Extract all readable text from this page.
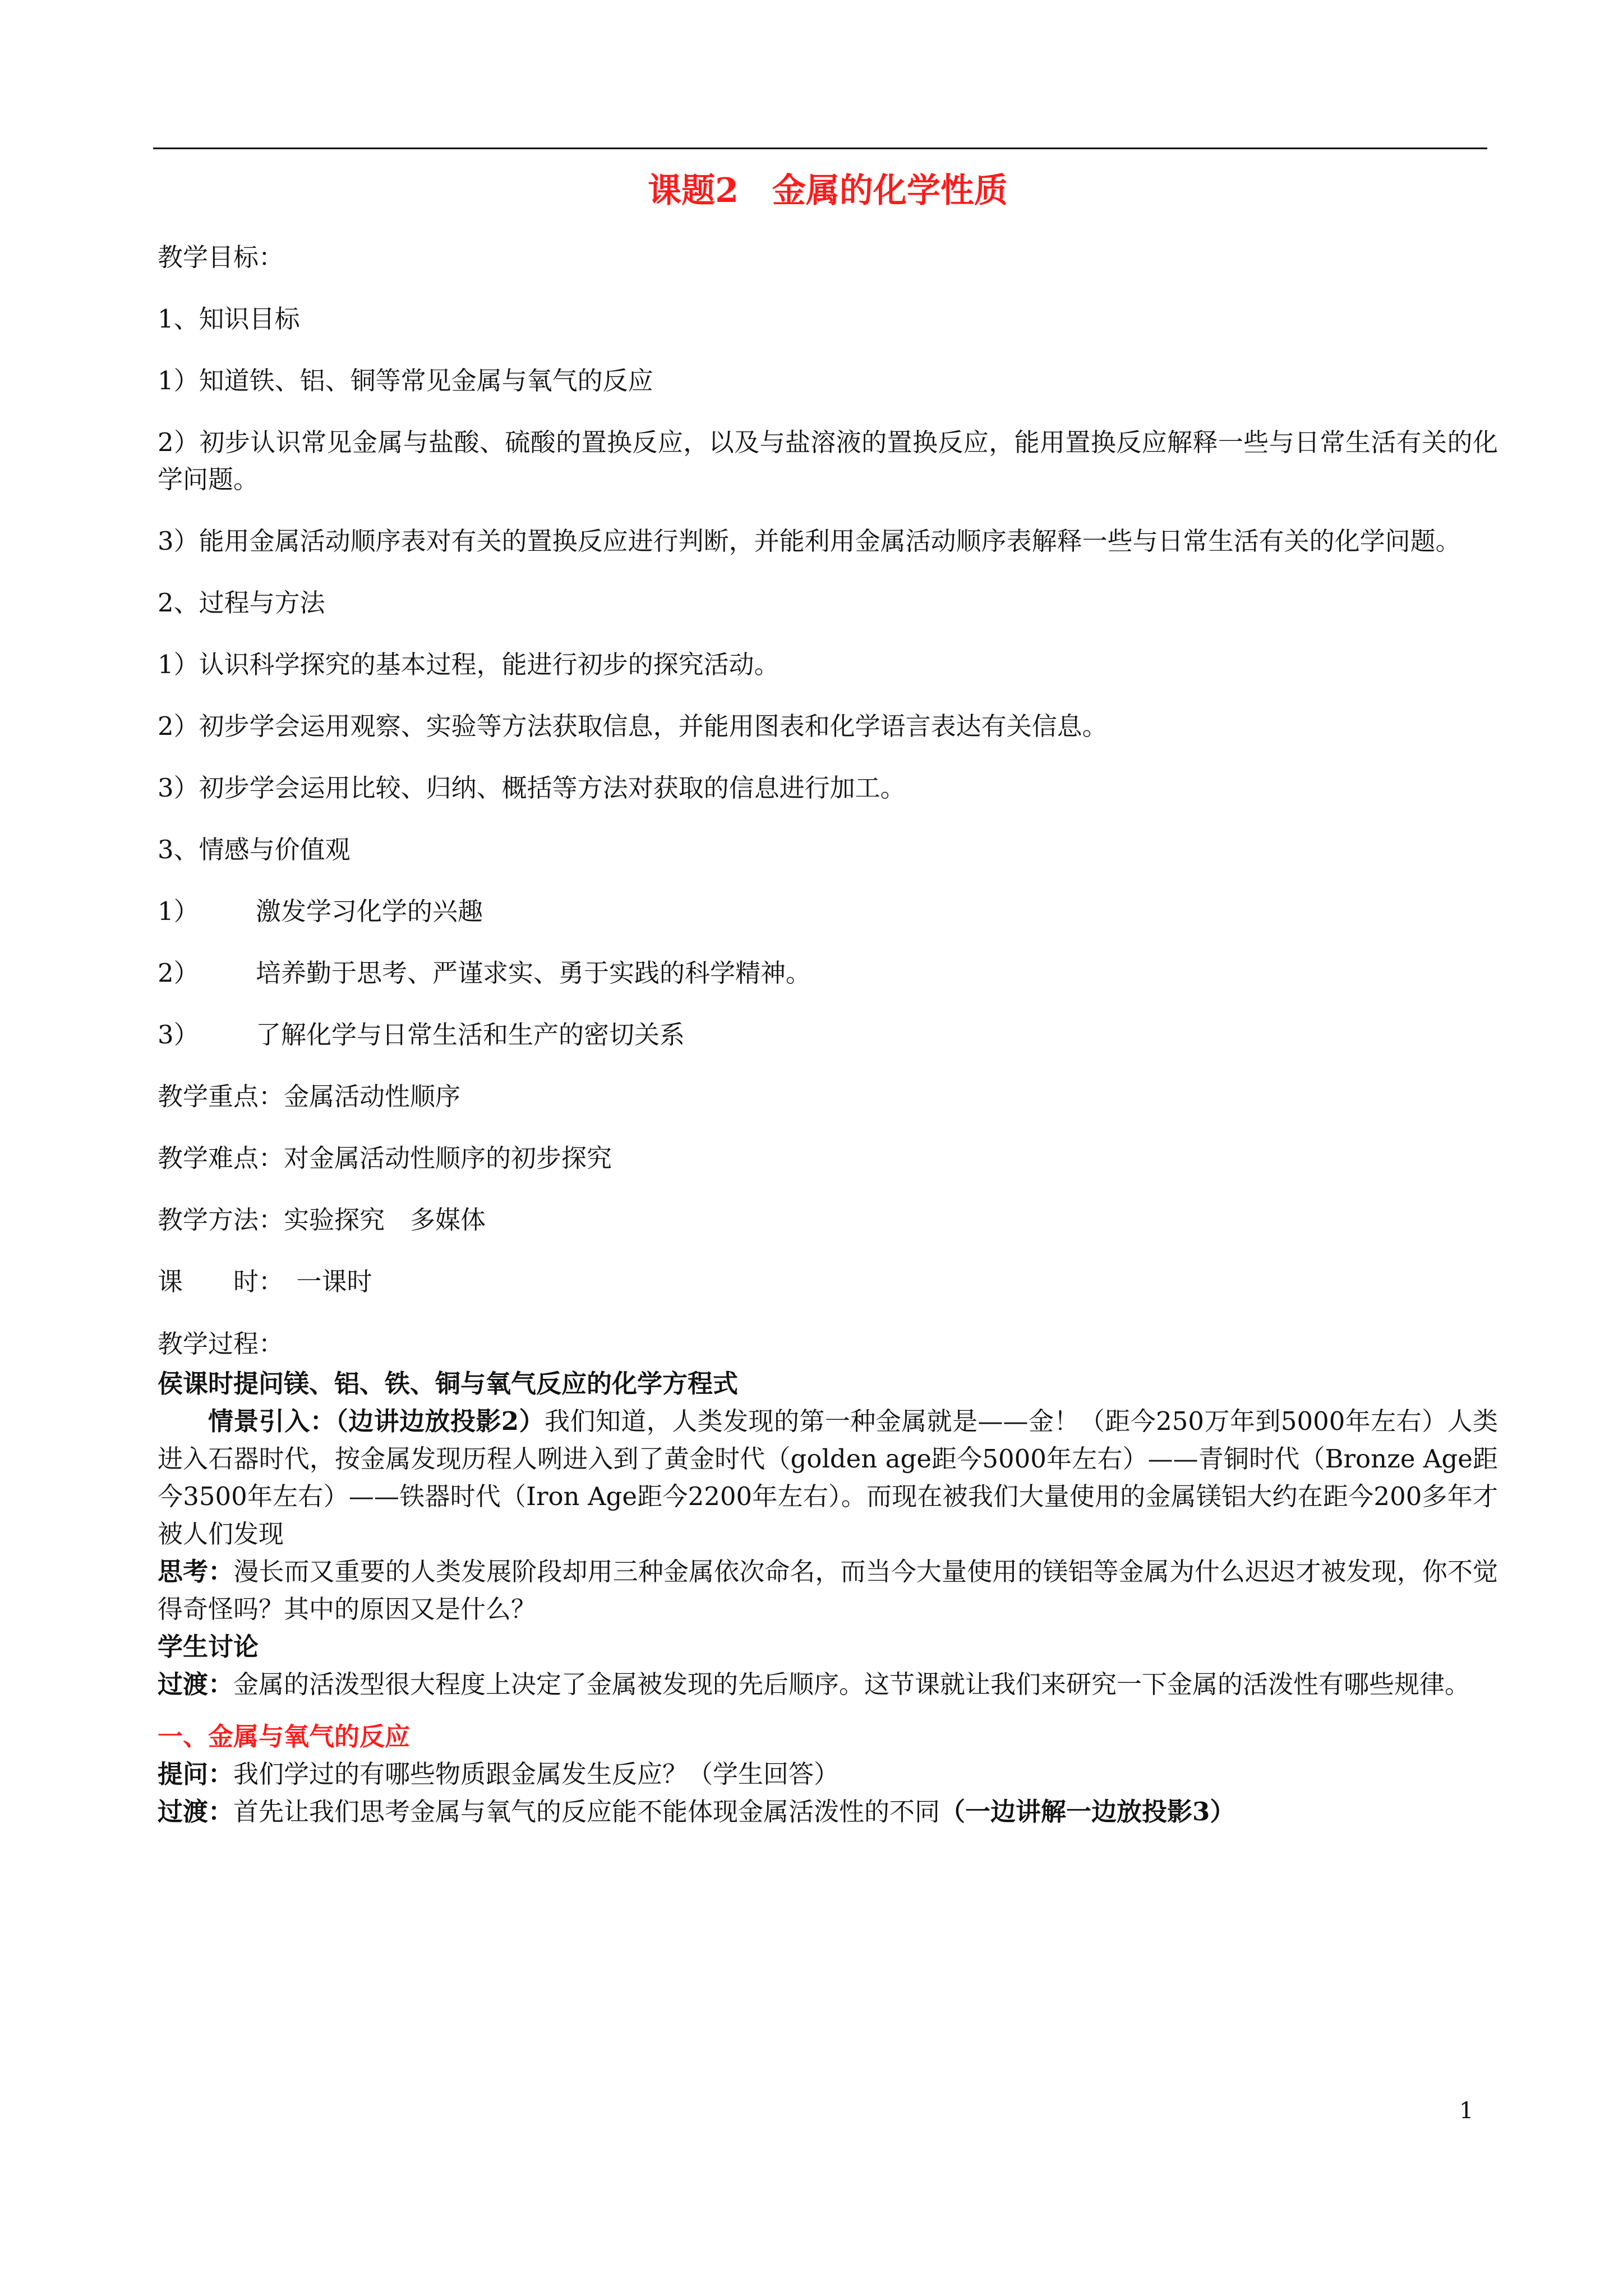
课题2　金属的化学性质
教学目标：
1、知识目标
1）知道铁、铝、铜等常见金属与氧气的反应
2）初步认识常见金属与盐酸、硫酸的置换反应，以及与盐溶液的置换反应，能用置换反应解释一些与日常生活有关的化学问题。
3）能用金属活动顺序表对有关的置换反应进行判断，并能利用金属活动顺序表解释一些与日常生活有关的化学问题。
2、过程与方法
1）认识科学探究的基本过程，能进行初步的探究活动。
2）初步学会运用观察、实验等方法获取信息，并能用图表和化学语言表达有关信息。
3）初步学会运用比较、归纳、概括等方法对获取的信息进行加工。
3、情感与价值观
1） 激发学习化学的兴趣
2） 培养勤于思考、严谨求实、勇于实践的科学精神。
3） 了解化学与日常生活和生产的密切关系
教学重点：金属活动性顺序
教学难点：对金属活动性顺序的初步探究
教学方法：实验探究　多媒体
课　　时：　一课时
教学过程：
侯课时提问镁、铝、铁、铜与氧气反应的化学方程式

情景引入：（边讲边放投影2）我们知道，人类发现的第一种金属就是——金！（距今250万年到5000年左右）人类进入石器时代，按金属发现历程人咧进入到了黄金时代（golden age距今5000年左右）——青铜时代（Bronze Age距今3500年左右）——铁器时代（Iron Age距今2200年左右）。而现在被我们大量使用的金属镁铝大约在距今200多年才被人们发现

思考：漫长而又重要的人类发展阶段却用三种金属依次命名，而当今大量使用的镁铝等金属为什么迟迟才被发现，你不觉得奇怪吗？其中的原因又是什么？

学生讨论

过渡：金属的活泼型很大程度上决定了金属被发现的先后顺序。这节课就让我们来研究一下金属的活泼性有哪些规律。

一、金属与氧气的反应

提问：我们学过的有哪些物质跟金属发生反应？（学生回答）

过渡：首先让我们思考金属与氧气的反应能不能体现金属活泼性的不同（一边讲解一边放投影3）

1
